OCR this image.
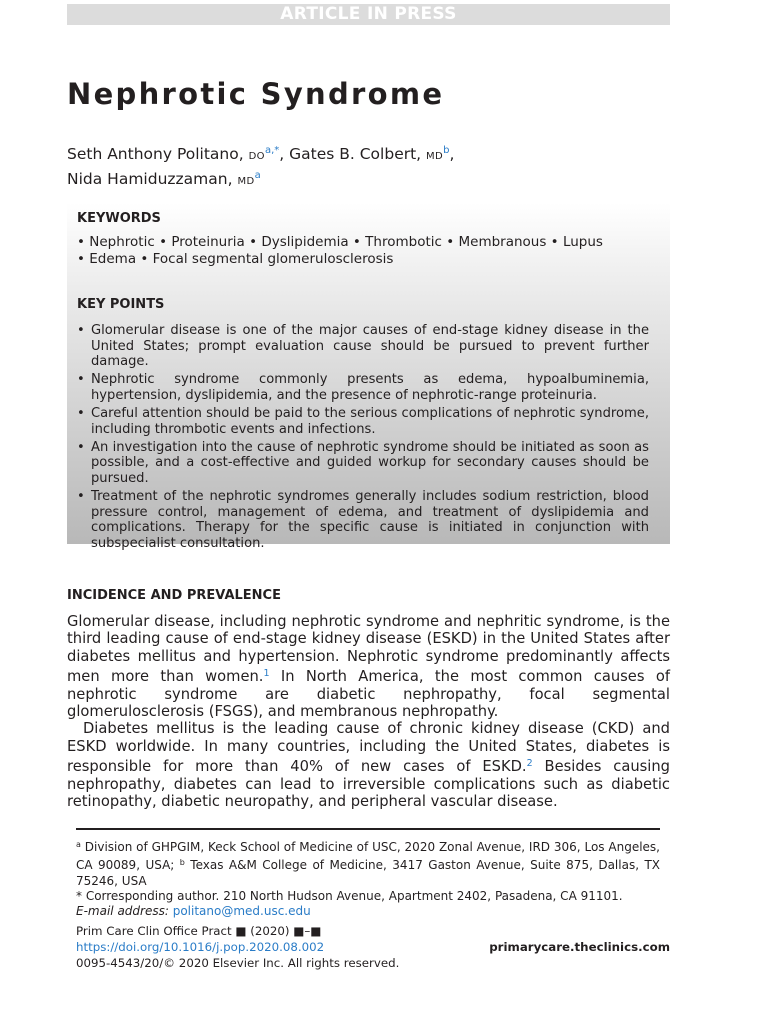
ARTICLE IN PRESS
Nephrotic Syndrome
Seth Anthony Politano, DO$^{a,*}$, Gates B. Colbert, MD$^b$,
Nida Hamiduzzaman, MD$^a$
KEYWORDS
• Nephrotic • Proteinuria • Dyslipidemia • Thrombotic • Membranous • Lupus
• Edema • Focal segmental glomerulosclerosis
KEY POINTS
• Glomerular disease is one of the major causes of end-stage kidney disease in the United States; prompt evaluation cause should be pursued to prevent further damage.
• Nephrotic syndrome commonly presents as edema, hypoalbuminemia, hypertension, dyslipidemia, and the presence of nephrotic-range proteinuria.
• Careful attention should be paid to the serious complications of nephrotic syndrome, including thrombotic events and infections.
• An investigation into the cause of nephrotic syndrome should be initiated as soon as possible, and a cost-effective and guided workup for secondary causes should be pursued.
• Treatment of the nephrotic syndromes generally includes sodium restriction, blood pressure control, management of edema, and treatment of dyslipidemia and complications. Therapy for the specific cause is initiated in conjunction with subspecialist consultation.
INCIDENCE AND PREVALENCE

Glomerular disease, including nephrotic syndrome and nephritic syndrome, is the third leading cause of end-stage kidney disease (ESKD) in the United States after diabetes mellitus and hypertension. Nephrotic syndrome predominantly affects men more than women.$^1$ In North America, the most common causes of nephrotic syndrome are diabetic nephropathy, focal segmental glomerulosclerosis (FSGS), and membranous nephropathy.

Diabetes mellitus is the leading cause of chronic kidney disease (CKD) and ESKD worldwide. In many countries, including the United States, diabetes is responsible for more than 40% of new cases of ESKD.$^2$ Besides causing nephropathy, diabetes can lead to irreversible complications such as diabetic retinopathy, diabetic neuropathy, and peripheral vascular disease.

$^a$ Division of GHPGIM, Keck School of Medicine of USC, 2020 Zonal Avenue, IRD 306, Los Angeles, CA 90089, USA; $^b$ Texas A&M College of Medicine, 3417 Gaston Avenue, Suite 875, Dallas, TX 75246, USA

* Corresponding author. 210 North Hudson Avenue, Apartment 2402, Pasadena, CA 91101.

E-mail address: politano@med.usc.edu

Prim Care Clin Office Pract ■ (2020) ■–■
https://doi.org/10.1016/j.pop.2020.08.002
0095-4543/20/© 2020 Elsevier Inc. All rights reserved.
primarycare.theclinics.com
